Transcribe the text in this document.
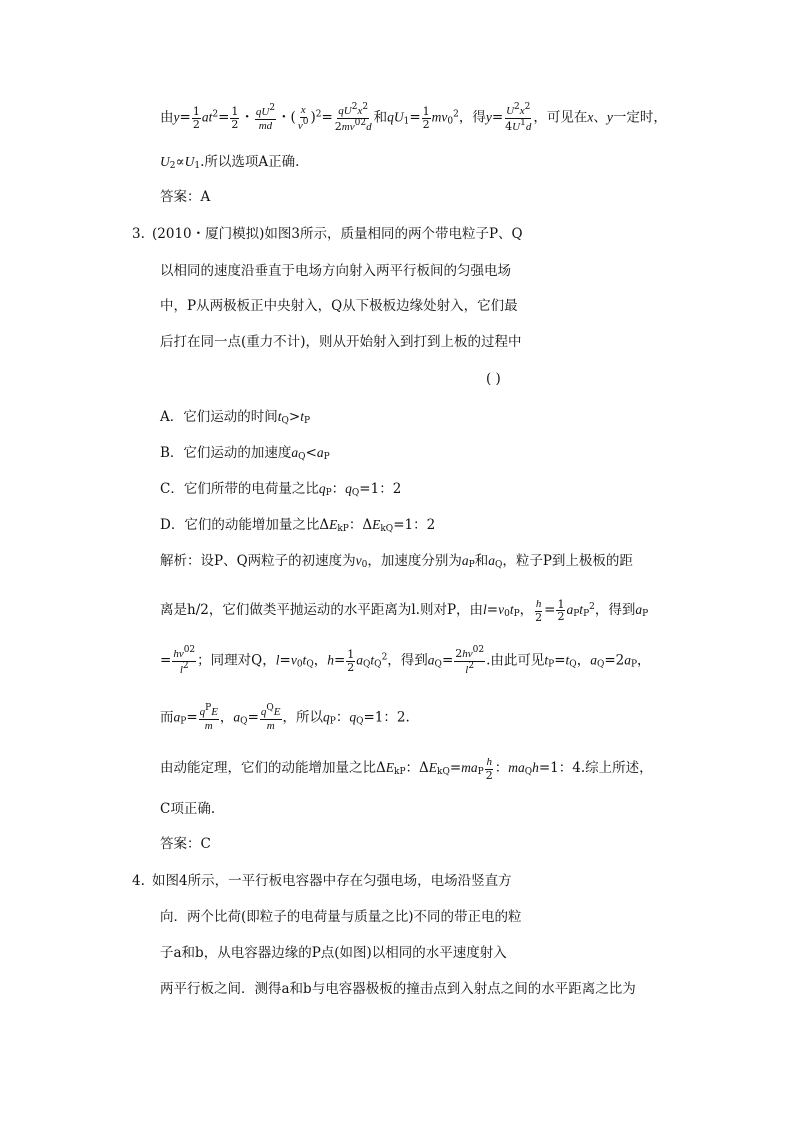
由$y= \frac{1}{2} at^2= \frac{1}{2}$ ・ $\frac{qU^2}{md}$ ・( $\frac{x}{v^0} )^2= \frac{qU^2x^2}{2mv^{02}d}$ 和$qU_1= \frac{1}{2} mv_0^2$，得$y= \frac{U^2x^2}{4U^1d}$ ，可见在x、y一定时，
$U_2\propto U_1$.所以选项A正确.
答案：A
3. (2010・厦门模拟)如图3所示，质量相同的两个带电粒子P、Q
以相同的速度沿垂直于电场方向射入两平行板间的匀强电场
中，P从两极板正中央射入，Q从下极板边缘处射入，它们最
后打在同一点(重力不计)，则从开始射入到打到上板的过程中
( )
A．它们运动的时间$t_Q>t_P$
B．它们运动的加速度$a_Q<a_P$
C．它们所带的电荷量之比$q_P$：$q_Q=1$：2
D．它们的动能增加量之比$\Delta E_{kP}$：$\Delta E_{kQ}=1$：2
解析：设P、Q两粒子的初速度为$v_0$，加速度分别为$a_P$和$a_Q$，粒子P到上极板的距
离是h/2，它们做类平抛运动的水平距离为l.则对P，由$l=v_0t_P$， $\frac{h}{2} = \frac{1}{2} a_Pt_P^2$，得到$a_P$
= $\frac{hv^{02}}{l^2}$ ；同理对Q，$l=v_0t_Q$，$h= \frac{1}{2} a_Qt_Q^2$，得到$a_Q= \frac{2hv^{02}}{l^2}$ .由此可见$t_P=t_Q$，$a_Q=2a_P$，
而$a_P= \frac{q^PE}{m}$ ，$a_Q= \frac{q^QE}{m}$ ，所以$q_P$：$q_Q=1$：2.
由动能定理，它们的动能增加量之比$\Delta E_{kP}$：$\Delta E_{kQ}=ma_P \frac{h}{2}$ ：$ma_Qh=1$：4.综上所述，
C项正确.
答案：C
4. 如图4所示，一平行板电容器中存在匀强电场，电场沿竖直方
向．两个比荷(即粒子的电荷量与质量之比)不同的带正电的粒
子a和b，从电容器边缘的P点(如图)以相同的水平速度射入
两平行板之间．测得a和b与电容器极板的撞击点到入射点之间的水平距离之比为
